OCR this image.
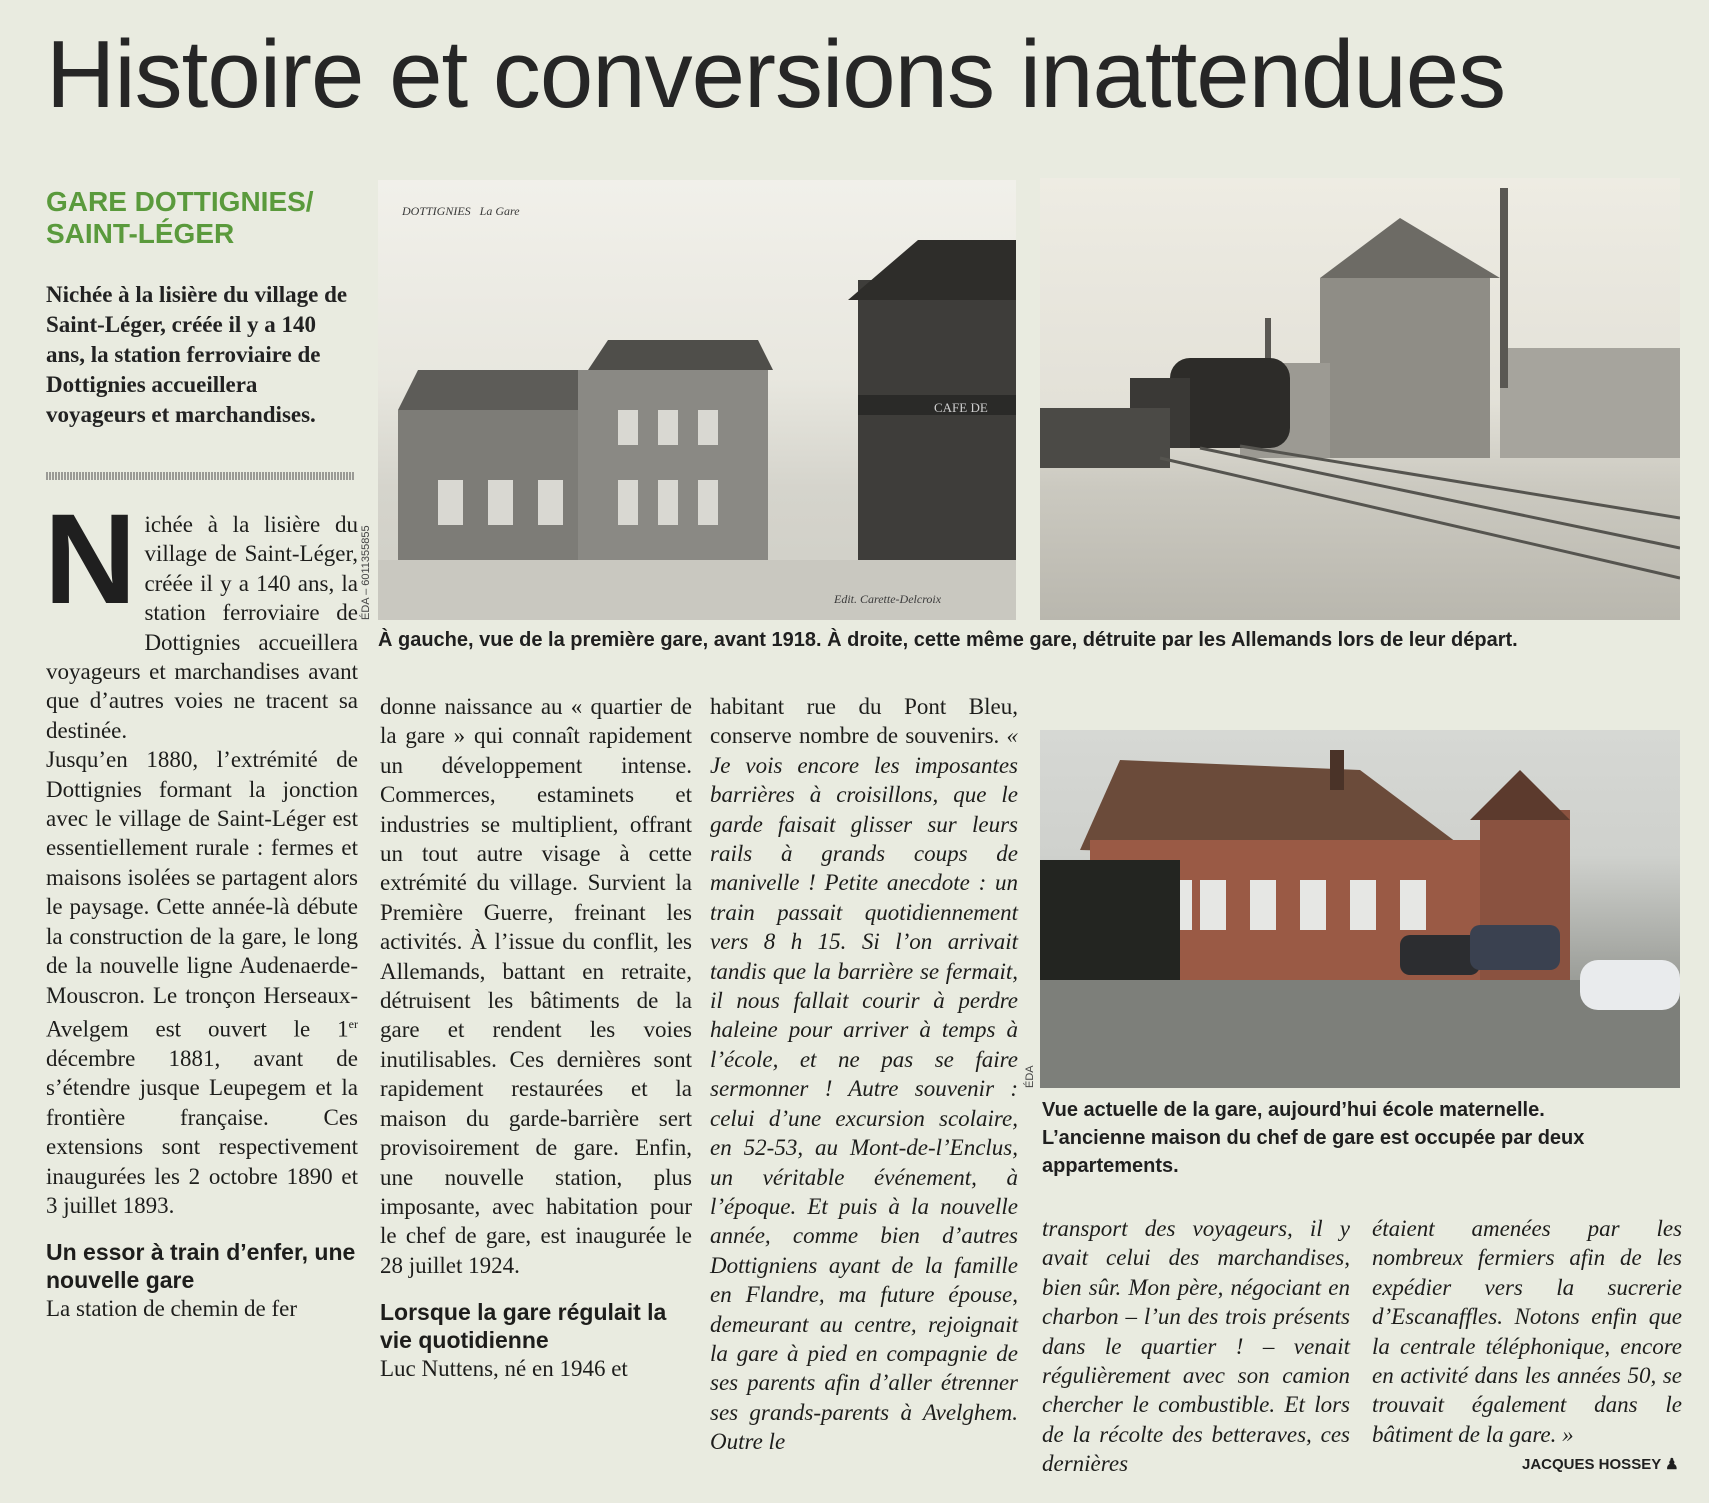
Histoire et conversions inattendues
GARE DOTTIGNIES/
SAINT-LÉGER
Nichée à la lisière du village de Saint-Léger, créée il y a 140 ans, la station ferroviaire de Dottignies accueillera voyageurs et marchandises.

Nichée à la lisière du village de Saint-Léger, créée il y a 140 ans, la station ferroviaire de Dottignies accueillera voyageurs et marchandises avant que d’autres voies ne tracent sa destinée.

Jusqu’en 1880, l’extrémité de Dottignies formant la jonction avec le village de Saint-Léger est essentiellement rurale : fermes et maisons isolées se partagent alors le paysage. Cette année-là débute la construction de la gare, le long de la nouvelle ligne Audenaerde-Mouscron. Le tronçon Herseaux-Avelgem est ouvert le 1er décembre 1881, avant de s’étendre jusque Leupegem et la frontière française. Ces extensions sont respectivement inaugurées les 2 octobre 1890 et 3 juillet 1893.

Un essor à train d’enfer, une nouvelle gare

La station de chemin de fer

donne naissance au « quartier de la gare » qui connaît rapidement un développement intense. Commerces, estaminets et industries se multiplient, offrant un tout autre visage à cette extrémité du village. Survient la Première Guerre, freinant les activités. À l’issue du conflit, les Allemands, battant en retraite, détruisent les bâtiments de la gare et rendent les voies inutilisables. Ces dernières sont rapidement restaurées et la maison du garde-barrière sert provisoirement de gare. Enfin, une nouvelle station, plus imposante, avec habitation pour le chef de gare, est inaugurée le 28 juillet 1924.

Lorsque la gare régulait la vie quotidienne

Luc Nuttens, né en 1946 et

habitant rue du Pont Bleu, conserve nombre de souvenirs. « Je vois encore les imposantes barrières à croisillons, que le garde faisait glisser sur leurs rails à grands coups de manivelle ! Petite anecdote : un train passait quotidiennement vers 8 h 15. Si l’on arrivait tandis que la barrière se fermait, il nous fallait courir à perdre haleine pour arriver à temps à l’école, et ne pas se faire sermonner ! Autre souvenir : celui d’une excursion scolaire, en 52-53, au Mont-de-l’Enclus, un véritable événement, à l’époque. Et puis à la nouvelle année, comme bien d’autres Dottigniens ayant de la famille en Flandre, ma future épouse, demeurant au centre, rejoignait la gare à pied en compagnie de ses parents afin d’aller étrenner ses grands-parents à Avelghem. Outre le

transport des voyageurs, il y avait celui des marchandises, bien sûr. Mon père, négociant en charbon – l’un des trois présents dans le quartier ! – venait régulièrement avec son camion chercher le combustible. Et lors de la récolte des betteraves, ces dernières
étaient amenées par les nombreux fermiers afin de les expédier vers la sucrerie d’Escanaffles. Notons enfin que la centrale téléphonique, encore en activité dans les années 50, se trouvait également dans le bâtiment de la gare. »
DOTTIGNIES La Gare
CAFE DE
Edit. Carette-Delcroix
ÉDA – 6011355855
À gauche, vue de la première gare, avant 1918. À droite, cette même gare, détruite par les Allemands lors de leur départ.
ÉDA
Vue actuelle de la gare, aujourd’hui école maternelle.
L’ancienne maison du chef de gare est occupée par deux appartements.
JACQUES HOSSEY ♟
